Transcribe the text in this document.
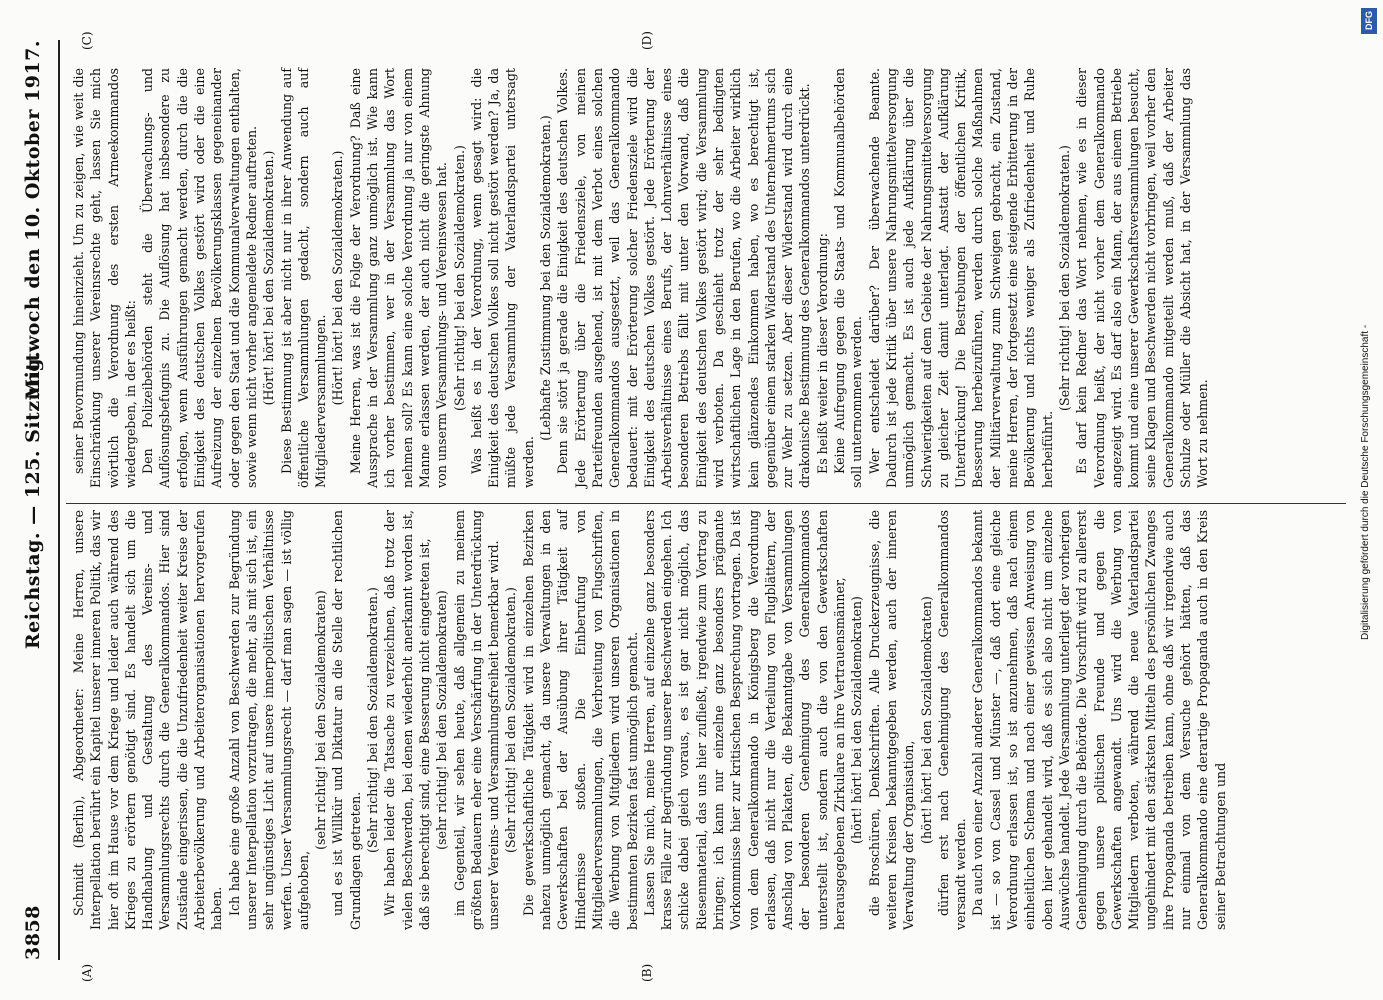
3858
Reichstag. — 125. Sitzung.
Mittwoch den 10. Oktober 1917.
(A)	(B)
(C)	(D)

Schmidt (Berlin), Abgeordneter: Meine Herren, unsere Interpellation berührt ein Kapitel unserer inneren Politik, das wir hier oft im Hause vor dem Kriege und leider auch während des Krieges zu erörtern genötigt sind. Es handelt sich um die Handhabung und Gestaltung des Vereins- und Versammlungsrechts durch die Generalkommandos. Hier sind Zustände eingerissen, die die Unzufriedenheit weiter Kreise der Arbeiterbevölkerung und Arbeiterorganisationen hervorgerufen haben. Ich habe eine große Anzahl von Beschwerden zur Begründung unserer Interpellation vorzutragen, die mehr, als mit sich ist, ein sehr ungünstiges Licht auf unsere innerpolitischen Verhältnisse werfen. Unser Versammlungsrecht — darf man sagen — ist völlig aufgehoben,

(sehr richtig! bei den Sozialdemokraten) und es ist Willkür und Diktatur an die Stelle der rechtlichen Grundlagen getreten.

(Sehr richtig! bei den Sozialdemokraten.) Wir haben leider die Tatsache zu verzeichnen, daß trotz der vielen Beschwerden, bei denen wiederholt anerkannt worden ist, daß sie berechtigt sind, eine Besserung nicht eingetreten ist, (sehr richtig! bei den Sozialdemokraten) im Gegenteil, wir sehen heute, daß allgemein zu meinem größten Bedauern eher eine Verschärfung in der Unterdrückung unserer Vereins- und Versammlungsfreiheit bemerkbar wird. (Sehr richtig! bei den Sozialdemokraten.) Die gewerkschaftliche Tätigkeit wird in einzelnen Bezirken nahezu unmöglich gemacht, da unsere Verwaltungen in den Gewerkschaften bei der Ausübung ihrer Tätigkeit auf Hindernisse stoßen. Die Einberufung von Mitgliederversammlungen, die Verbreitung von Flugschriften, die Werbung von Mitgliedern wird unseren Organisationen in bestimmten Bezirken fast unmöglich gemacht. Lassen Sie mich, meine Herren, auf einzelne ganz besonders krasse Fälle zur Begründung unserer Beschwerden eingehen. Ich schicke dabei gleich voraus, es ist gar nicht möglich, das Riesenmaterial, das uns hier zufließt, irgendwie zum Vortrag zu bringen; ich kann nur einzelne ganz besonders prägnante Vorkommnisse hier zur kritischen Besprechung vortragen. Da ist von dem Generalkommando in Königsberg die Verordnung erlassen, daß nicht nur die Verteilung von Flugblättern, der Anschlag von Plakaten, die Bekanntgabe von Versammlungen der besonderen Genehmigung des Generalkommandos unterstellt ist, sondern auch die von den Gewerkschaften herausgegebenen Zirkulare an ihre Vertrauensmänner, (hört! hört! bei den Sozialdemokraten) die Broschüren, Denkschriften. Alle Druckerzeugnisse, die weiteren Kreisen bekanntgegeben werden, auch der inneren Verwaltung der Organisation, (hört! hört! bei den Sozialdemokraten) dürfen erst nach Genehmigung des Generalkommandos versandt werden. Da auch von einer Anzahl anderer Generalkommandos bekannt ist — so von Cassel und Münster —, daß dort eine gleiche Verordnung erlassen ist, so ist anzunehmen, daß nach einem einheitlichen Schema und nach einer gewissen Anweisung von oben hier gehandelt wird, daß es sich also nicht um einzelne Auswüchse handelt. Jede Versammlung unterliegt der vorherigen Genehmigung durch die Behörde. Die Vorschrift wird zu allererst gegen unsere politischen Freunde und gegen die Gewerkschaften angewandt. Uns wird die Werbung von Mitgliedern verboten, während die neue Vaterlandspartei ungehindert mit den stärksten Mitteln des persönlichen Zwanges ihre Propaganda betreiben kann, ohne daß wir irgendwie auch nur einmal von dem Versuche gehört hätten, daß das Generalkommando eine derartige Propaganda auch in den Kreis seiner Betrachtungen und

seiner Bevormundung hineinzieht. Um zu zeigen, wie weit die Einschränkung unserer Vereinsrechte geht, lassen Sie mich wörtlich die Verordnung des ersten Armeekommandos wiedergeben, in der es heißt: Den Polizeibehörden steht die Überwachungs- und Auflösungsbefugnis zu. Die Auflösung hat insbesondere zu erfolgen, wenn Ausführungen gemacht werden, durch die die Einigkeit des deutschen Volkes gestört wird oder die eine Aufreizung der einzelnen Bevölkerungsklassen gegeneinander oder gegen den Staat und die Kommunalverwaltungen enthalten, sowie wenn nicht vorher angemeldete Redner auftreten. (Hört! hört! bei den Sozialdemokraten.) Diese Bestimmung ist aber nicht nur in ihrer Anwendung auf öffentliche Versammlungen gedacht, sondern auch auf Mitgliederversammlungen. (Hört! hört! bei den Sozialdemokraten.) Meine Herren, was ist die Folge der Verordnung? Daß eine Aussprache in der Versammlung ganz unmöglich ist. Wie kann ich vorher bestimmen, wer in der Versammlung das Wort nehmen soll? Es kann eine solche Verordnung ja nur von einem Manne erlassen werden, der auch nicht die geringste Ahnung von unserm Versammlungs- und Vereinswesen hat. (Sehr richtig! bei den Sozialdemokraten.) Was heißt es in der Verordnung, wenn gesagt wird: die Einigkeit des deutschen Volkes soll nicht gestört werden? Ja, da müßte jede Versammlung der Vaterlandspartei untersagt werden.

(Lebhafte Zustimmung bei den Sozialdemokraten.) Denn sie stört ja gerade die Einigkeit des deutschen Volkes. Jede Erörterung über die Friedensziele, von meinen Parteifreunden ausgehend, ist mit dem Verbot eines solchen Generalkommandos ausgesetzt, weil das Generalkommando bedauert: mit der Erörterung solcher Friedensziele wird die Einigkeit des deutschen Volkes gestört. Jede Erörterung der Arbeitsverhältnisse eines Berufs, der Lohnverhältnisse eines besonderen Betriebs fällt mit unter den Vorwand, daß die Einigkeit des deutschen Volkes gestört wird; die Versammlung wird verboten. Da geschieht trotz der sehr bedingten wirtschaftlichen Lage in den Berufen, wo die Arbeiter wirklich kein glänzendes Einkommen haben, wo es berechtigt ist, gegenüber einem starken Widerstand des Unternehmertums sich zur Wehr zu setzen. Aber dieser Widerstand wird durch eine drakonische Bestimmung des Generalkommandos unterdrückt. Es heißt weiter in dieser Verordnung: Keine Aufregung gegen die Staats- und Kommunalbehörden soll unternommen werden. Wer entscheidet darüber? Der überwachende Beamte. Dadurch ist jede Kritik über unsere Nahrungsmittelversorgung unmöglich gemacht. Es ist auch jede Aufklärung über die Schwierigkeiten auf dem Gebiete der Nahrungsmittelversorgung zu gleicher Zeit damit unterlagt. Anstatt der Aufklärung Unterdrückung! Die Bestrebungen der öffentlichen Kritik, Besserung herbeizuführen, werden durch solche Maßnahmen der Militärverwaltung zum Schweigen gebracht, ein Zustand, meine Herren, der fortgesetzt eine steigende Erbitterung in der Bevölkerung und nichts weniger als Zufriedenheit und Ruhe herbeiführt.

(Sehr richtig! bei den Sozialdemokraten.) Es darf kein Redner das Wort nehmen, wie es in dieser Verordnung heißt, der nicht vorher dem Generalkommando angezeigt wird. Es darf also ein Mann, der aus einem Betriebe kommt und eine unserer Gewerkschaftsversammlungen besucht, seine Klagen und Beschwerden nicht vorbringen, weil vorher den Generalkommando mitgeteilt werden muß, daß der Arbeiter Schulze oder Müller die Absicht hat, in der Versammlung das Wort zu nehmen.

DFG
Digitalisierung gefördert durch die Deutsche Forschungsgemeinschaft -
